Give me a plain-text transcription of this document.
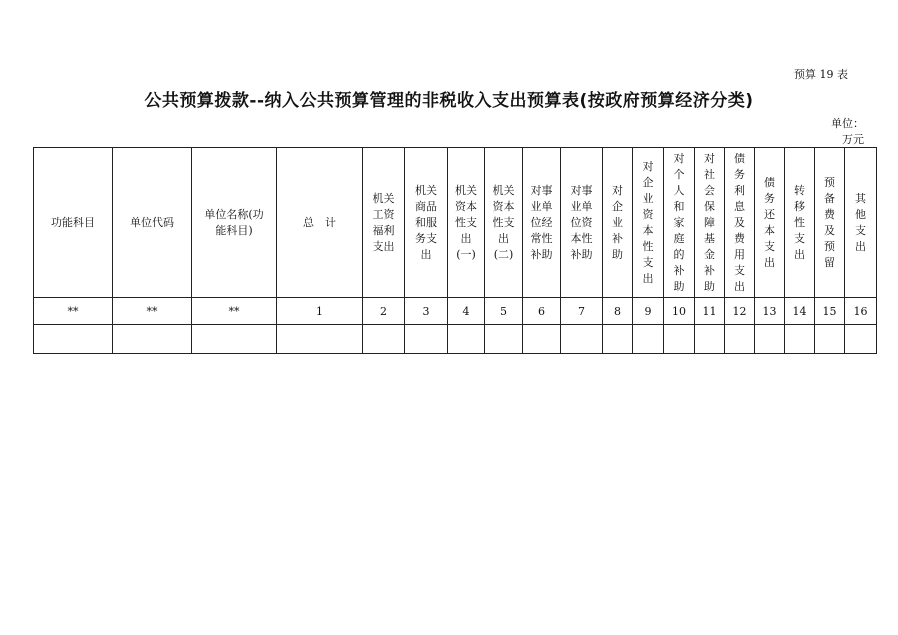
预算 19 表
公共预算拨款--纳入公共预算管理的非税收入支出预算表(按政府预算经济分类)
单位：万元
功能科目	单位代码	单位名称(功能科目)	总　计	机关工资福利支出	机关商品和服务支出	机关资本性支出(一)	机关资本性支出(二)	对事业单位经常性补助	对事业单位资本性补助	对企业补助	对企业资本性支出	对个人和家庭的补助	对社会保障基金补助	债务利息及费用支出	债务还本支出	转移性支出	预备费及预留	其他支出
**	**	**	1	2	3	4	5	6	7	8	9	10	11	12	13	14	15	16
